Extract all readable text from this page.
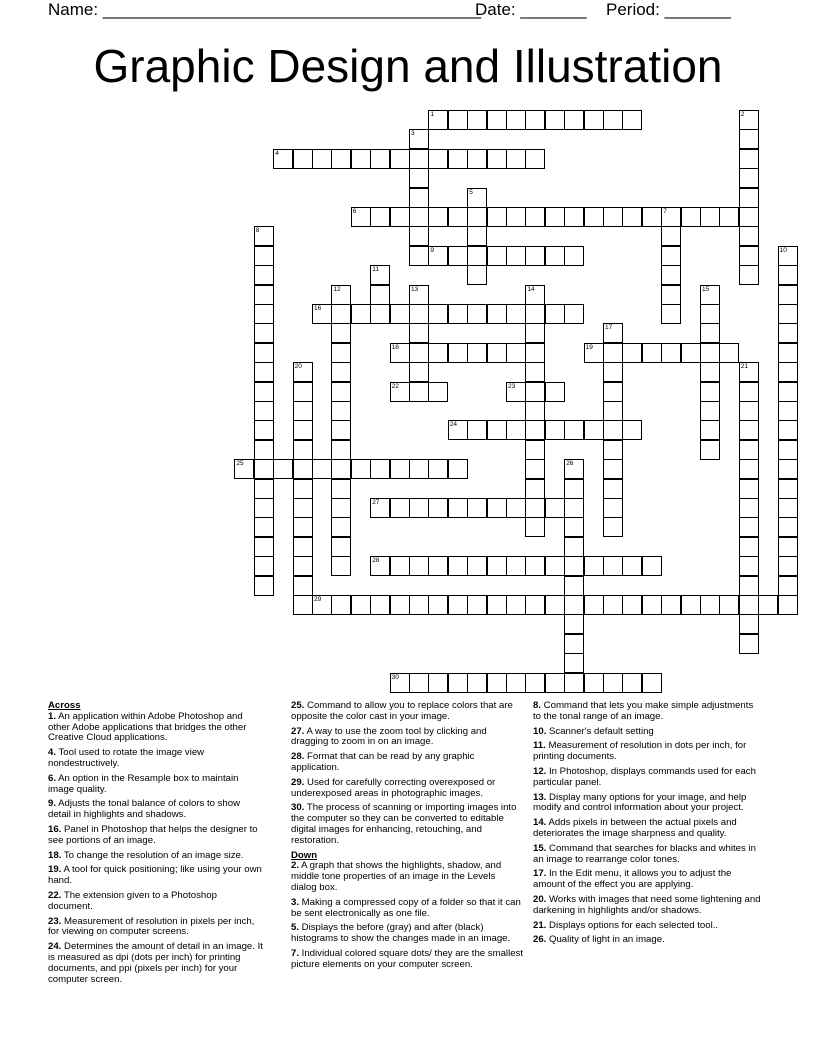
Name: ________________________________________
Date: _______ Period: _______
Graphic Design and Illustration
1	2
3
4
5
6	7
8
9	10
11
12	13	14	15
16
17
18	19
20	21
22	23
24
25	26
27
28
29
30
Across
1. An application within Adobe Photoshop and other Adobe applications that bridges the other Creative Cloud applications.
4. Tool used to rotate the image view nondestructively.
6. An option in the Resample box to maintain image quality.
9. Adjusts the tonal balance of colors to show detail in highlights and shadows.
16. Panel in Photoshop that helps the designer to see portions of an image.
18. To change the resolution of an image size.
19. A tool for quick positioning; like using your own hand.
22. The extension given to a Photoshop document.
23. Measurement of resolution in pixels per inch, for viewing on computer screens.
24. Determines the amount of detail in an image. It is measured as dpi (dots per inch) for printing documents, and ppi (pixels per inch) for your computer screen.
25. Command to allow you to replace colors that are opposite the color cast in your image.
27. A way to use the zoom tool by clicking and dragging to zoom in on an image.
28. Format that can be read by any graphic application.
29. Used for carefully correcting overexposed or underexposed areas in photographic images.
30. The process of scanning or importing images into the computer so they can be converted to editable digital images for enhancing, retouching, and restoration.
Down
2. A graph that shows the highlights, shadow, and middle tone properties of an image in the Levels dialog box.
3. Making a compressed copy of a folder so that it can be sent electronically as one file.
5. Displays the before (gray) and after (black) histograms to show the changes made in an image.
7. Individual colored square dots/ they are the smallest picture elements on your computer screen.
8. Command that lets you make simple adjustments to the tonal range of an image.
10. Scanner's default setting
11. Measurement of resolution in dots per inch, for printing documents.
12. In Photoshop, displays commands used for each particular panel.
13. Display many options for your image, and help modify and control information about your project.
14. Adds pixels in between the actual pixels and deteriorates the image sharpness and quality.
15. Command that searches for blacks and whites in an image to rearrange color tones.
17. In the Edit menu, it allows you to adjust the amount of the effect you are applying.
20. Works with images that need some lightening and darkening in highlights and/or shadows.
21. Displays options for each selected tool..
26. Quality of light in an image.
